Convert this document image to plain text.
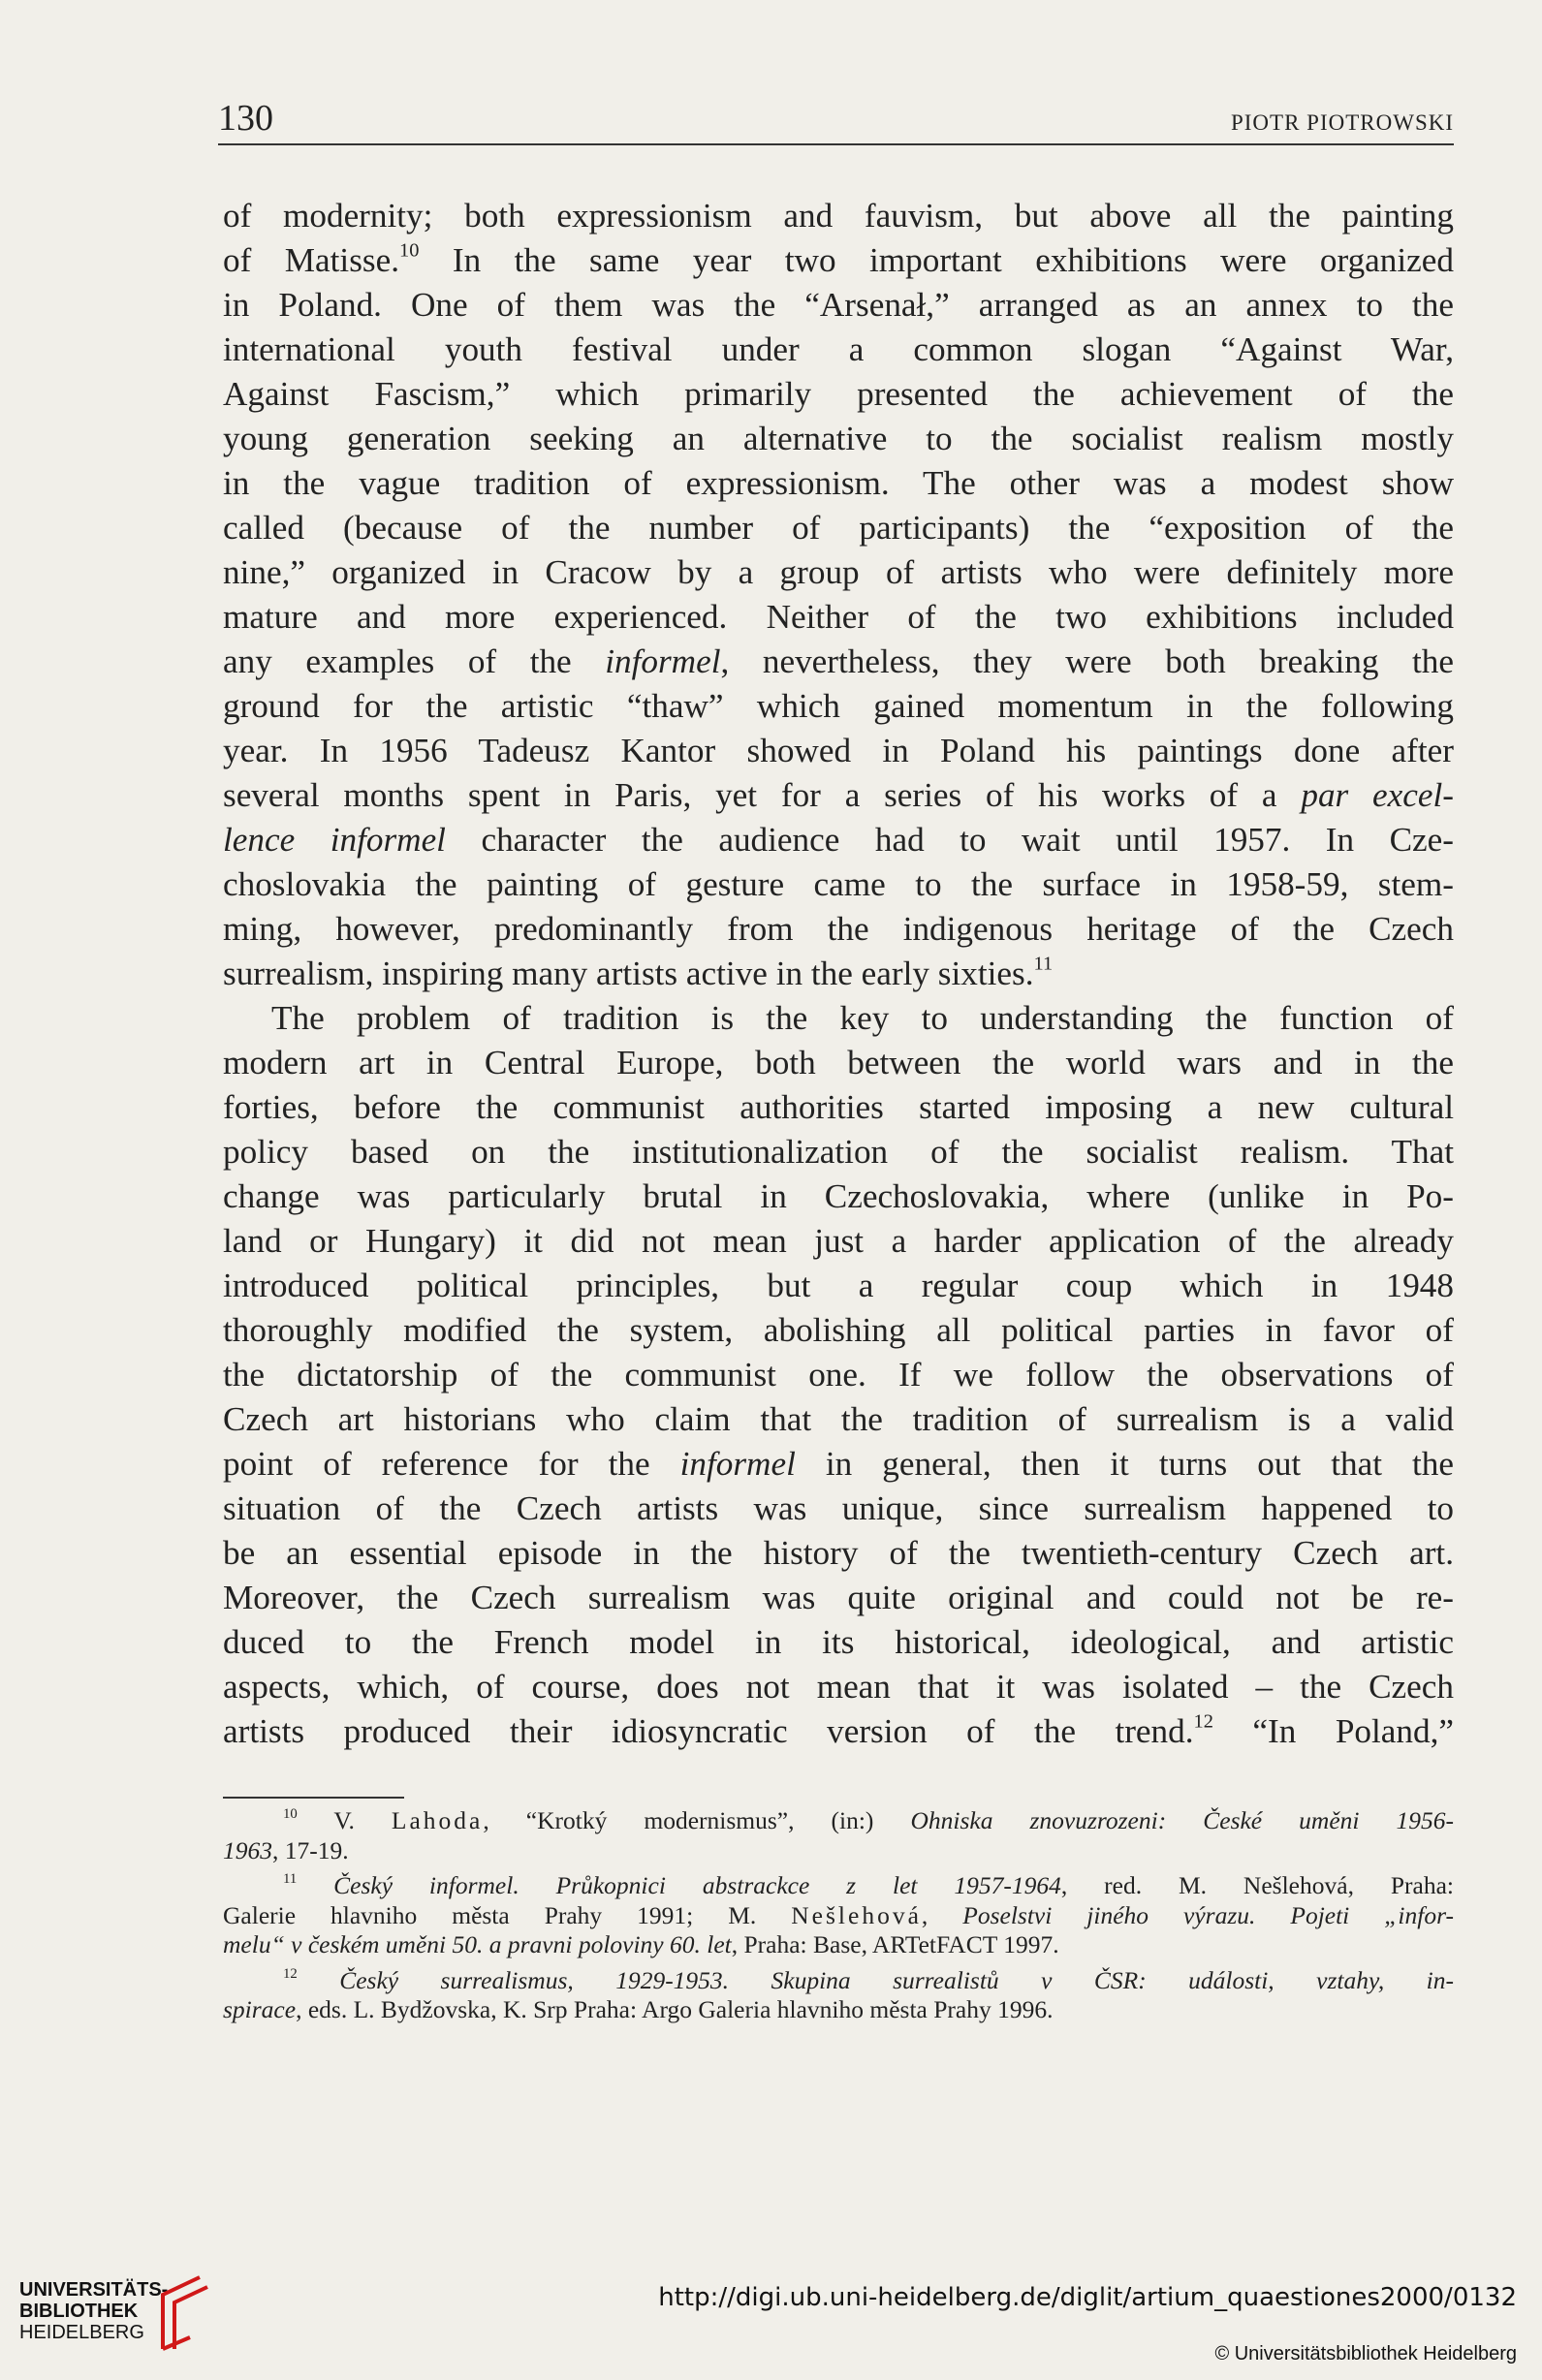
130	PIOTR PIOTROWSKI
of modernity; both expressionism and fauvism, but above all the painting
of Matisse.$^{10}$ In the same year two important exhibitions were organized
in Poland. One of them was the “Arsenał,” arranged as an annex to the
international youth festival under a common slogan “Against War,
Against Fascism,” which primarily presented the achievement of the
young generation seeking an alternative to the socialist realism mostly
in the vague tradition of expressionism. The other was a modest show
called (because of the number of participants) the “exposition of the
nine,” organized in Cracow by a group of artists who were definitely more
mature and more experienced. Neither of the two exhibitions included
any examples of the informel, nevertheless, they were both breaking the
ground for the artistic “thaw” which gained momentum in the following
year. In 1956 Tadeusz Kantor showed in Poland his paintings done after
several months spent in Paris, yet for a series of his works of a par excel-
lence informel character the audience had to wait until 1957. In Cze-
choslovakia the painting of gesture came to the surface in 1958-59, stem-
ming, however, predominantly from the indigenous heritage of the Czech
surrealism, inspiring many artists active in the early sixties.$^{11}$
The problem of tradition is the key to understanding the function of
modern art in Central Europe, both between the world wars and in the
forties, before the communist authorities started imposing a new cultural
policy based on the institutionalization of the socialist realism. That
change was particularly brutal in Czechoslovakia, where (unlike in Po-
land or Hungary) it did not mean just a harder application of the already
introduced political principles, but a regular coup which in 1948
thoroughly modified the system, abolishing all political parties in favor of
the dictatorship of the communist one. If we follow the observations of
Czech art historians who claim that the tradition of surrealism is a valid
point of reference for the informel in general, then it turns out that the
situation of the Czech artists was unique, since surrealism happened to
be an essential episode in the history of the twentieth-century Czech art.
Moreover, the Czech surrealism was quite original and could not be re-
duced to the French model in its historical, ideological, and artistic
aspects, which, of course, does not mean that it was isolated – the Czech
artists produced their idiosyncratic version of the trend.$^{12}$ “In Poland,”
$^{10}$ V. Lahoda, “Krotký modernismus”, (in:) Ohniska znovuzrozeni: České uměni 1956-
1963, 17-19.
$^{11}$ Český informel. Průkopnici abstrackce z let 1957-1964, red. M. Nešlehová, Praha:
Galerie hlavniho města Prahy 1991; M. Nešlehová, Poselstvi jiného výrazu. Pojeti „infor-
melu“ v českém uměni 50. a pravni poloviny 60. let, Praha: Base, ARTetFACT 1997.
$^{12}$ Český surrealismus, 1929-1953. Skupina surrealistů v ČSR: události, vztahy, in-
spirace, eds. L. Bydžovska, K. Srp Praha: Argo Galeria hlavniho města Prahy 1996.
UNIVERSITÄTS-
BIBLIOTHEK
HEIDELBERG
http://digi.ub.uni-heidelberg.de/diglit/artium_quaestiones2000/0132
© Universitätsbibliothek Heidelberg
